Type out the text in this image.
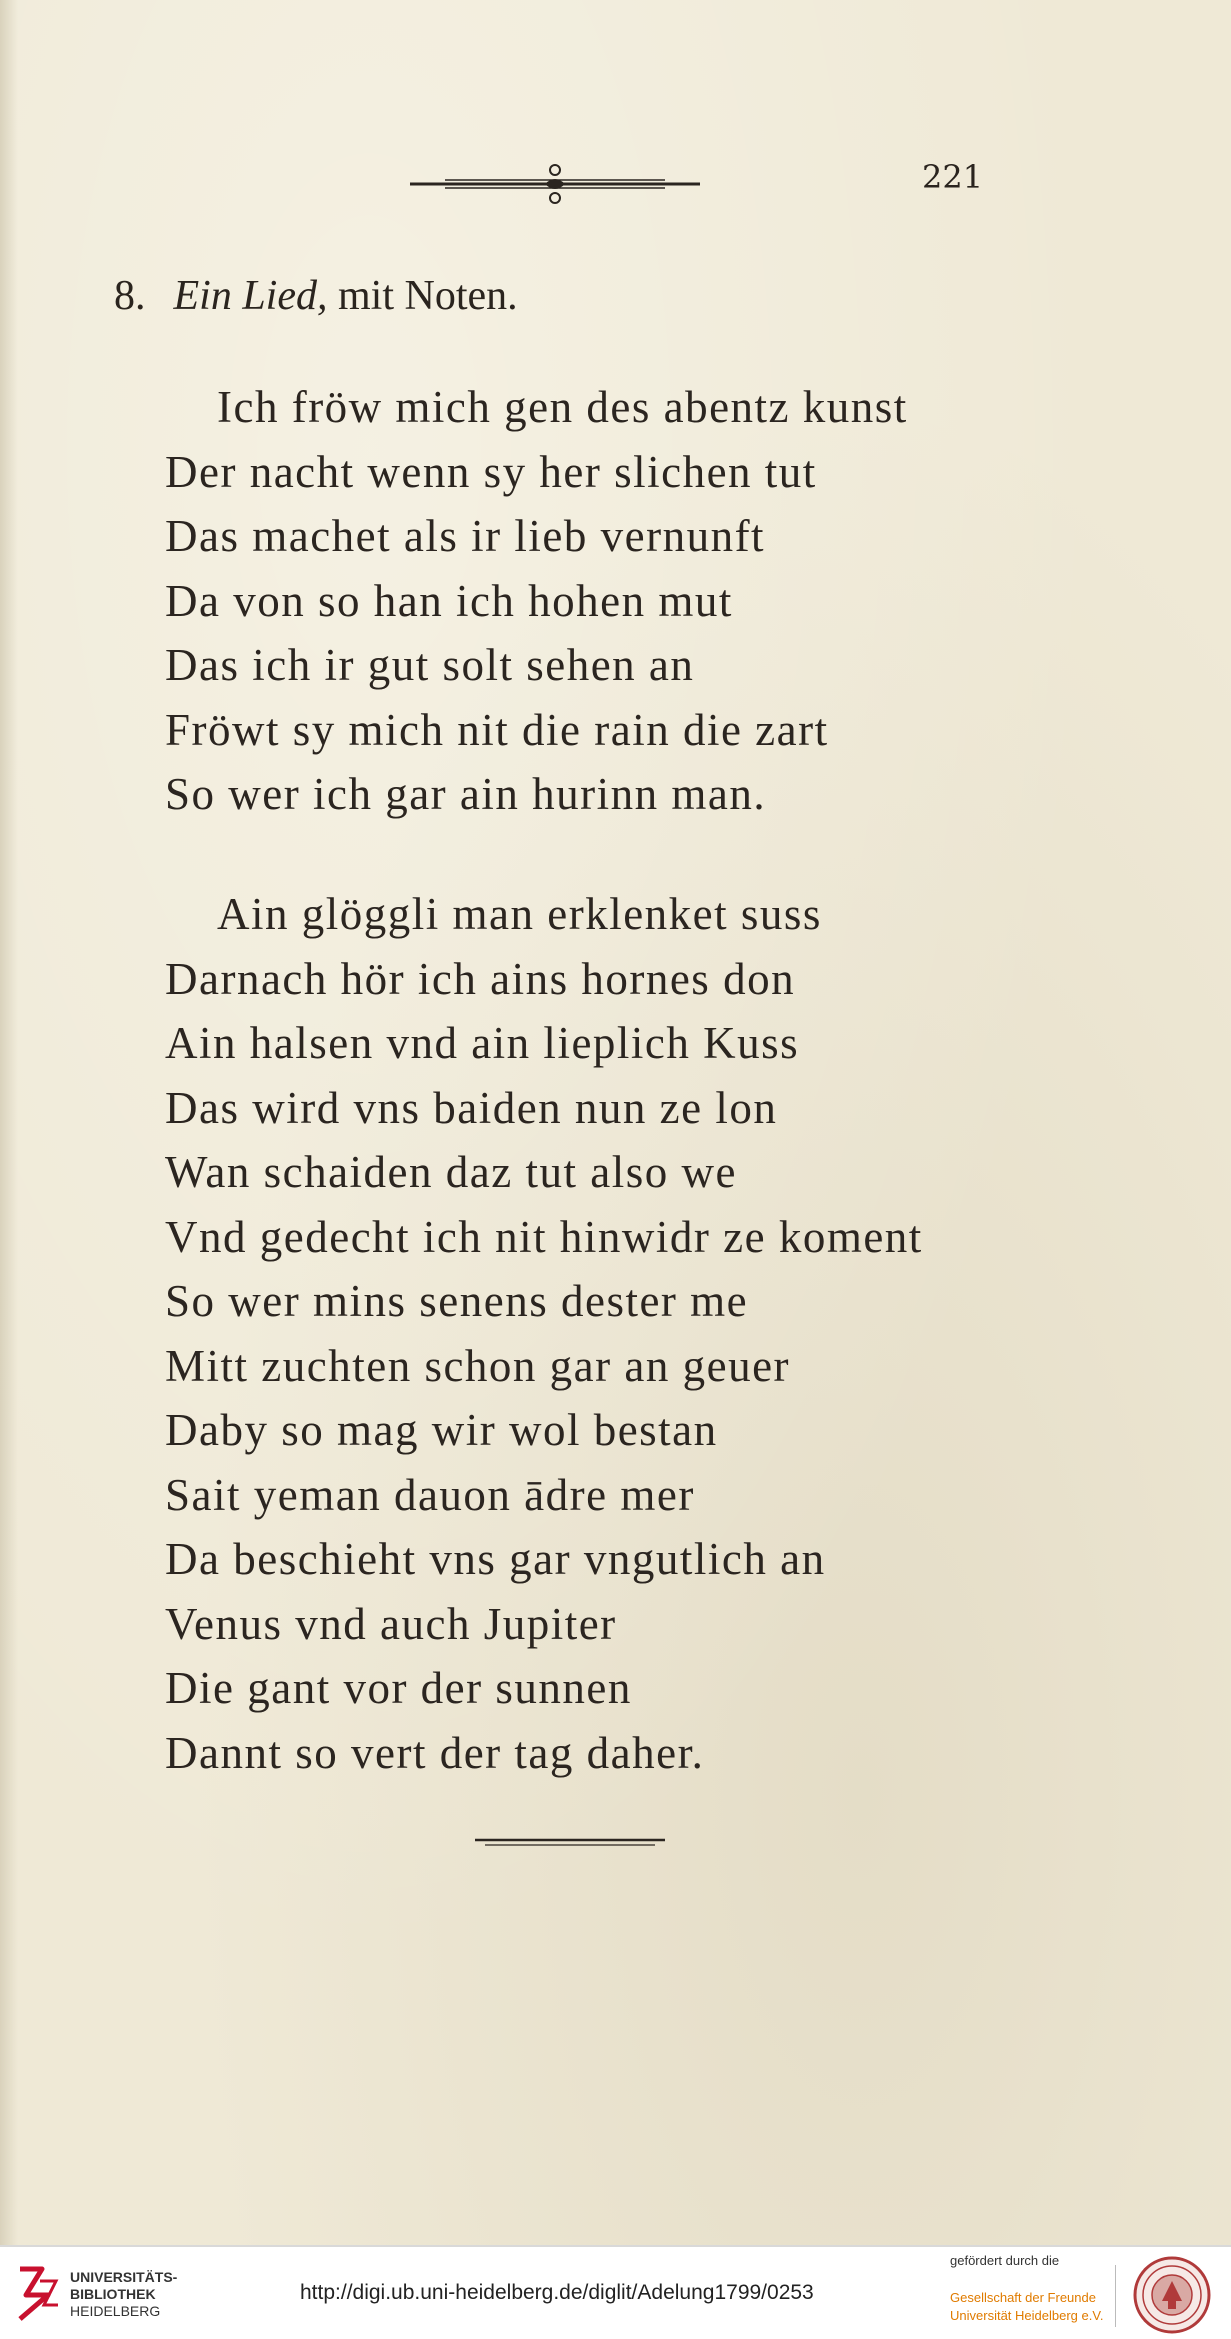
221
8. Ein Lied, mit Noten.
Ich fröw mich gen des abentz kunst
Der nacht wenn sy her slichen tut
Das machet als ir lieb vernunft
Da von so han ich hohen mut
Das ich ir gut solt sehen an
Fröwt sy mich nit die rain die zart
So wer ich gar ain hurinn man.
Ain glöggli man erklenket suss
Darnach hör ich ains hornes don
Ain halsen vnd ain lieplich Kuss
Das wird vns baiden nun ze lon
Wan schaiden daz tut also we
Vnd gedecht ich nit hinwidr ze koment
So wer mins senens dester me
Mitt zuchten schon gar an geuer
Daby so mag wir wol bestan
Sait yeman dauon ādre mer
Da beschieht vns gar vngutlich an
Venus vnd auch Jupiter
Die gant vor der sunnen
Dannt so vert der tag daher.
UNIVERSITÄTS-
BIBLIOTHEK
HEIDELBERG
http://digi.ub.uni-heidelberg.de/diglit/Adelung1799/0253
gefördert durch die
Gesellschaft der Freunde
Universität Heidelberg e.V.
